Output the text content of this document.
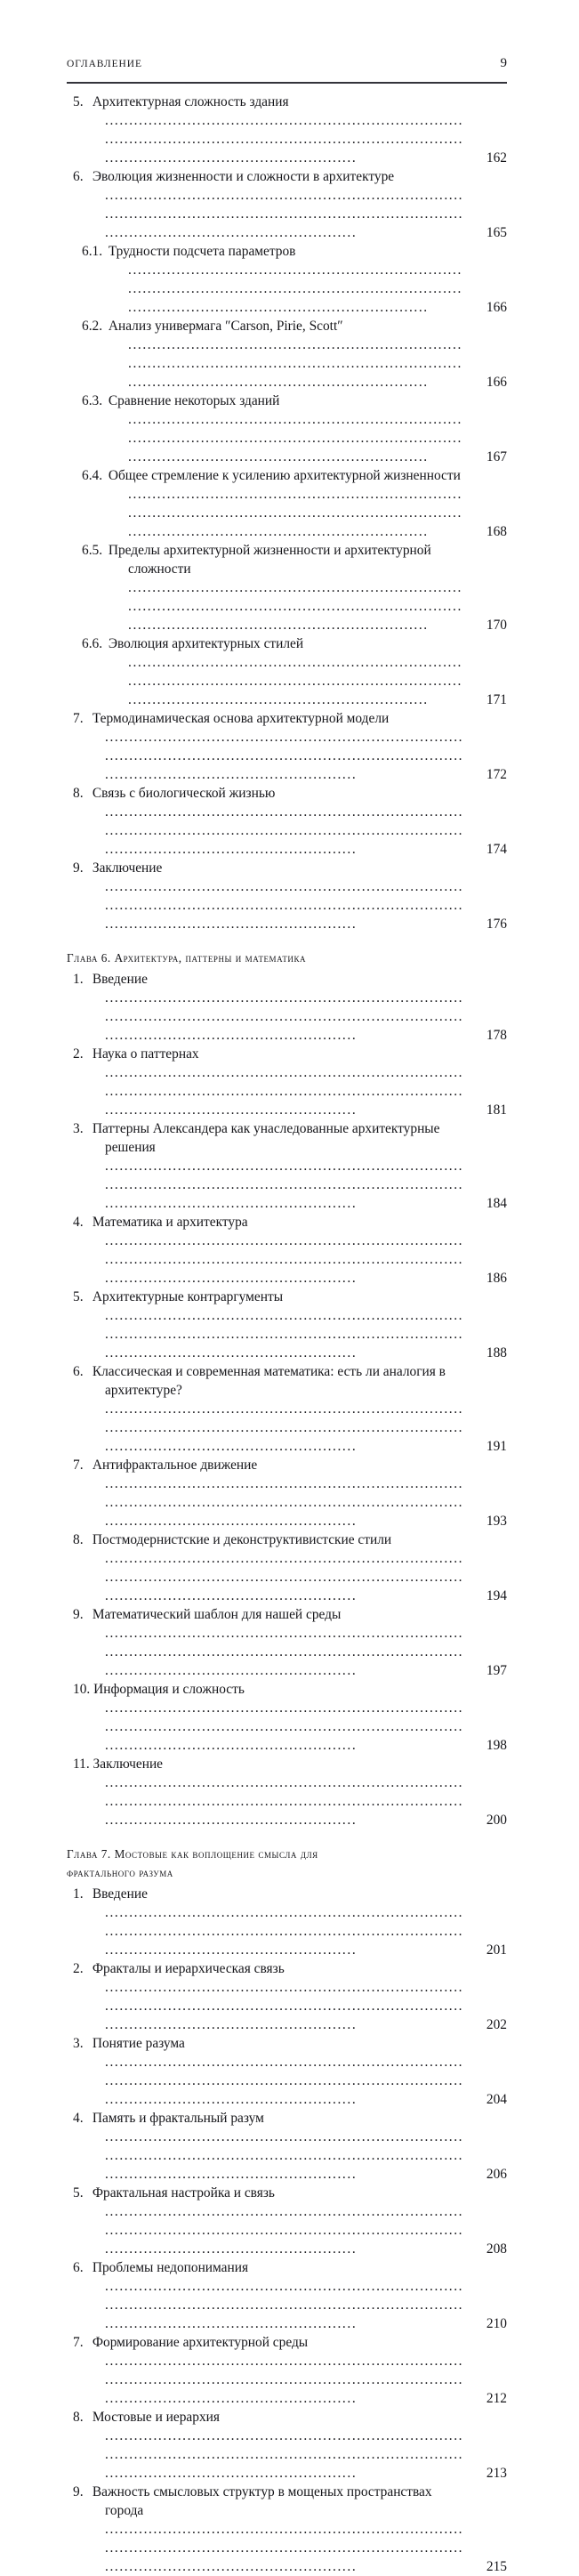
ОГЛАВЛЕНИЕ	9
5. Архитектурная сложность здания ........................................................................................................................................................................................................	162
6. Эволюция жизненности и сложности в архитектуре ........................................................................................................................................................................................................	165
6.1. Трудности подсчета параметров ........................................................................................................................................................................................................	166
6.2. Анализ универмага ″Carson, Pirie, Scott″ ........................................................................................................................................................................................................	166
6.3. Сравнение некоторых зданий ........................................................................................................................................................................................................	167
6.4. Общее стремление к усилению архитектурной жизненности ........................................................................................................................................................................................................	168
6.5. Пределы архитектурной жизненности и архитектурной сложности ........................................................................................................................................................................................................	170
6.6. Эволюция архитектурных стилей ........................................................................................................................................................................................................	171
7. Термодинамическая основа архитектурной модели ........................................................................................................................................................................................................	172
8. Связь с биологической жизнью ........................................................................................................................................................................................................	174
9. Заключение ........................................................................................................................................................................................................	176
Глава 6. Архитектура, паттерны и математика
1. Введение ........................................................................................................................................................................................................	178
2. Наука о паттернах ........................................................................................................................................................................................................	181
3. Паттерны Александера как унаследованные архитектурные решения ........................................................................................................................................................................................................	184
4. Математика и архитектура ........................................................................................................................................................................................................	186
5. Архитектурные контраргументы ........................................................................................................................................................................................................	188
6. Классическая и современная математика: есть ли аналогия в архитектуре? ........................................................................................................................................................................................................	191
7. Антифрактальное движение ........................................................................................................................................................................................................	193
8. Постмодернистские и деконструктивистские стили ........................................................................................................................................................................................................	194
9. Математический шаблон для нашей среды ........................................................................................................................................................................................................	197
10. Информация и сложность ........................................................................................................................................................................................................	198
11. Заключение ........................................................................................................................................................................................................	200
Глава 7. Мостовые как воплощение смысла для
фрактального разума
1. Введение ........................................................................................................................................................................................................	201
2. Фракталы и иерархическая связь ........................................................................................................................................................................................................	202
3. Понятие разума ........................................................................................................................................................................................................	204
4. Память и фрактальный разум ........................................................................................................................................................................................................	206
5. Фрактальная настройка и связь ........................................................................................................................................................................................................	208
6. Проблемы недопонимания ........................................................................................................................................................................................................	210
7. Формирование архитектурной среды ........................................................................................................................................................................................................	212
8. Мостовые и иерархия ........................................................................................................................................................................................................	213
9. Важность смысловых структур в мощеных пространствах города ........................................................................................................................................................................................................	215
